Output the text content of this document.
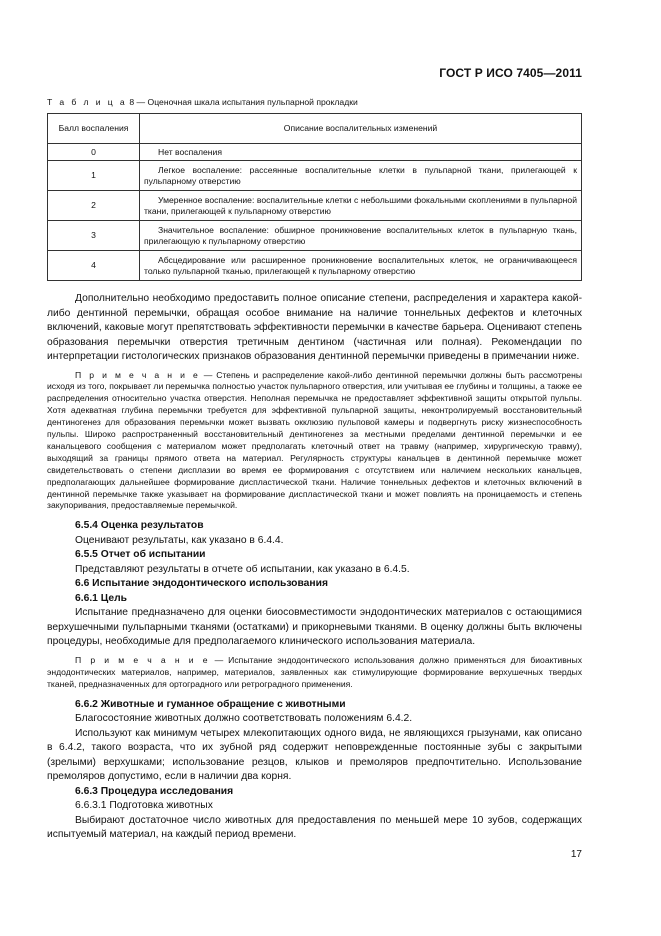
ГОСТ Р ИСО 7405—2011
Т а б л и ц а 8 — Оценочная шкала испытания пульпарной прокладки
Балл воспаления	Описание воспалительных изменений
0	Нет воспаления
1	Легкое воспаление: рассеянные воспалительные клетки в пульпарной ткани, прилегающей к пульпарному отверстию
2	Умеренное воспаление: воспалительные клетки с небольшими фокальными скоплениями в пульпарной ткани, прилегающей к пульпарному отверстию
3	Значительное воспаление: обширное проникновение воспалительных клеток в пульпарную ткань, прилегающую к пульпарному отверстию
4	Абсцедирование или расширенное проникновение воспалительных клеток, не ограничивающееся только пульпарной тканью, прилегающей к пульпарному отверстию

Дополнительно необходимо предоставить полное описание степени, распределения и характера какой-либо дентинной перемычки, обращая особое внимание на наличие тоннельных дефектов и клеточных включений, каковые могут препятствовать эффективности перемычки в качестве барьера. Оценивают степень образования перемычки отверстия третичным дентином (частичная или полная). Рекомендации по интерпретации гистологических признаков образования дентинной перемычки приведены в примечании ниже.

П р и м е ч а н и е — Степень и распределение какой-либо дентинной перемычки должны быть рассмотрены исходя из того, покрывает ли перемычка полностью участок пульпарного отверстия, или учитывая ее глубины и толщины, а также ее распределения относительно участка отверстия. Неполная перемычка не предоставляет эффективной защиты открытой пульпы. Хотя адекватная глубина перемычки требуется для эффективной пульпарной защиты, неконтролируемый восстановительный дентиногенез для образования перемычки может вызвать окклюзию пульповой камеры и подвергнуть риску жизнеспособность пульпы. Широко распространенный восстановительный дентиногенез за местными пределами дентинной перемычки и ее канальцевого сообщения с материалом может предполагать клеточный ответ на травму (например, хирургическую травму), выходящий за границы прямого ответа на материал. Регулярность структуры канальцев в дентинной перемычке может свидетельствовать о степени дисплазии во время ее формирования с отсутствием или наличием нескольких канальцев, предполагающих дальнейшее формирование диспластической ткани. Наличие тоннельных дефектов и клеточных включений в дентинной перемычке также указывает на формирование диспластической ткани и может повлиять на проницаемость и степень закупоривания, предоставляемые перемычкой.

6.5.4 Оценка результатов

Оценивают результаты, как указано в 6.4.4.

6.5.5 Отчет об испытании

Представляют результаты в отчете об испытании, как указано в 6.4.5.

6.6 Испытание эндодонтического использования
6.6.1 Цель

Испытание предназначено для оценки биосовместимости эндодонтических материалов с остающимися верхушечными пульпарными тканями (остатками) и прикорневыми тканями. В оценку должны быть включены процедуры, необходимые для предполагаемого клинического использования материала.

П р и м е ч а н и е — Испытание эндодонтического использования должно применяться для биоактивных эндодонтических материалов, например, материалов, заявленных как стимулирующие формирование верхушечных твердых тканей, предназначенных для ортоградного или ретроградного применения.

6.6.2 Животные и гуманное обращение с животными

Благосостояние животных должно соответствовать положениям 6.4.2.

Используют как минимум четырех млекопитающих одного вида, не являющихся грызунами, как описано в 6.4.2, такого возраста, что их зубной ряд содержит неповрежденные постоянные зубы с закрытыми (зрелыми) верхушками; использование резцов, клыков и премоляров предпочтительно. Использование премоляров допустимо, если в наличии два корня.

6.6.3 Процедура исследования

6.6.3.1 Подготовка животных

Выбирают достаточное число животных для предоставления по меньшей мере 10 зубов, содержащих испытуемый материал, на каждый период времени.

17
